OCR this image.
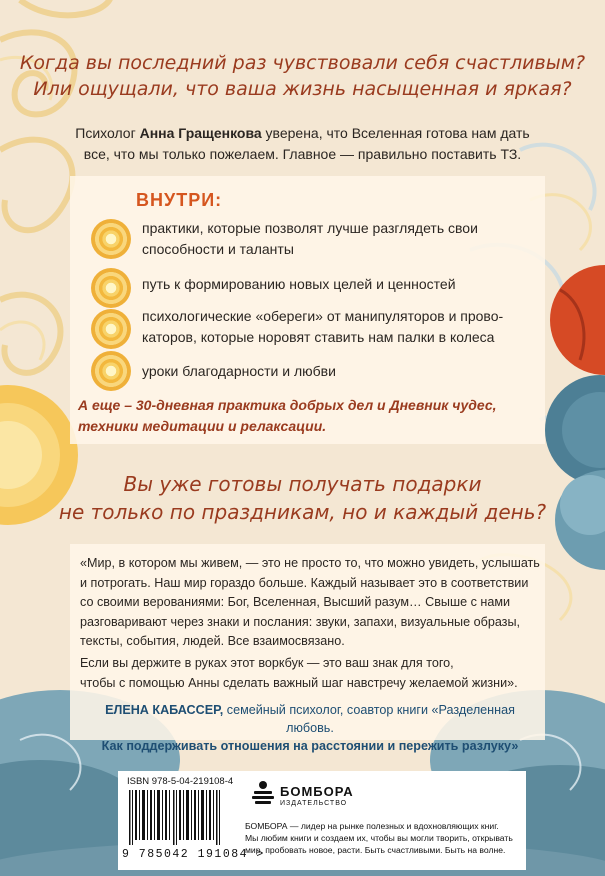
Когда вы последний раз чувствовали себя счастливым?
Или ощущали, что ваша жизнь насыщенная и яркая?
Психолог Анна Гращенкова уверена, что Вселенная готова нам дать
все, что мы только пожелаем. Главное — правильно поставить ТЗ.
ВНУТРИ:
практики, которые позволят лучше разглядеть свои
способности и таланты
путь к формированию новых целей и ценностей
психологические «обереги» от манипуляторов и прово-
каторов, которые норовят ставить нам палки в колеса
уроки благодарности и любви
А еще – 30-дневная практика добрых дел и Дневник чудес,
техники медитации и релаксации.
Вы уже готовы получать подарки
не только по праздникам, но и каждый день?
«Мир, в котором мы живем, — это не просто то, что можно увидеть, услышать
и потрогать. Наш мир гораздо больше. Каждый называет это в соответствии
со своими верованиями: Бог, Вселенная, Высший разум… Свыше с нами
разговаривают через знаки и послания: звуки, запахи, визуальные образы,
тексты, события, людей. Все взаимосвязано.
Если вы держите в руках этот воркбук — это ваш знак для того,
чтобы с помощью Анны сделать важный шаг навстречу желаемой жизни».
ЕЛЕНА КАБАССЕР, семейный психолог, соавтор книги «Разделенная любовь.
Как поддерживать отношения на расстоянии и пережить разлуку»
ISBN 978-5-04-219108-4
9 785042 191084 >
БОМБОРА
ИЗДАТЕЛЬСТВО
БОМБОРА — лидер на рынке полезных и вдохновляющих книг.
Мы любим книги и создаем их, чтобы вы могли творить, открывать
мир, пробовать новое, расти. Быть счастливыми. Быть на волне.
